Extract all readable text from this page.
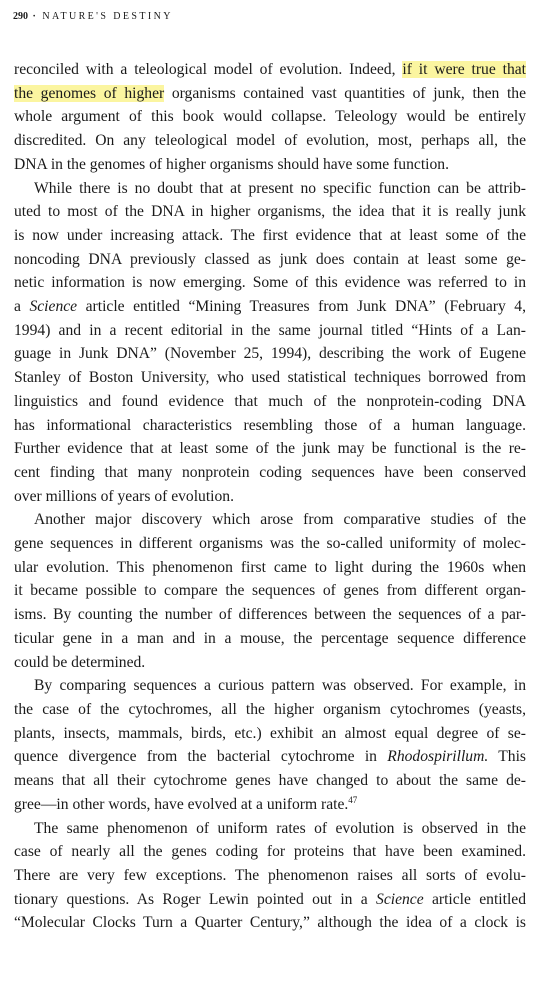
290 · NATURE'S DESTINY

reconciled with a teleological model of evolution. Indeed, if it were true that
the genomes of higher organisms contained vast quantities of junk, then the
whole argument of this book would collapse. Teleology would be entirely
discredited. On any teleological model of evolution, most, perhaps all, the
DNA in the genomes of higher organisms should have some function.
While there is no doubt that at present no specific function can be attrib-
uted to most of the DNA in higher organisms, the idea that it is really junk
is now under increasing attack. The first evidence that at least some of the
noncoding DNA previously classed as junk does contain at least some ge-
netic information is now emerging. Some of this evidence was referred to in
a Science article entitled “Mining Treasures from Junk DNA” (February 4,
1994) and in a recent editorial in the same journal titled “Hints of a Lan-
guage in Junk DNA” (November 25, 1994), describing the work of Eugene
Stanley of Boston University, who used statistical techniques borrowed from
linguistics and found evidence that much of the nonprotein-coding DNA
has informational characteristics resembling those of a human language.
Further evidence that at least some of the junk may be functional is the re-
cent finding that many nonprotein coding sequences have been conserved
over millions of years of evolution.
Another major discovery which arose from comparative studies of the
gene sequences in different organisms was the so-called uniformity of molec-
ular evolution. This phenomenon first came to light during the 1960s when
it became possible to compare the sequences of genes from different organ-
isms. By counting the number of differences between the sequences of a par-
ticular gene in a man and in a mouse, the percentage sequence difference
could be determined.
By comparing sequences a curious pattern was observed. For example, in
the case of the cytochromes, all the higher organism cytochromes (yeasts,
plants, insects, mammals, birds, etc.) exhibit an almost equal degree of se-
quence divergence from the bacterial cytochrome in Rhodospirillum. This
means that all their cytochrome genes have changed to about the same de-
gree—in other words, have evolved at a uniform rate.$^{47}$
The same phenomenon of uniform rates of evolution is observed in the
case of nearly all the genes coding for proteins that have been examined.
There are very few exceptions. The phenomenon raises all sorts of evolu-
tionary questions. As Roger Lewin pointed out in a Science article entitled
“Molecular Clocks Turn a Quarter Century,” although the idea of a clock is
